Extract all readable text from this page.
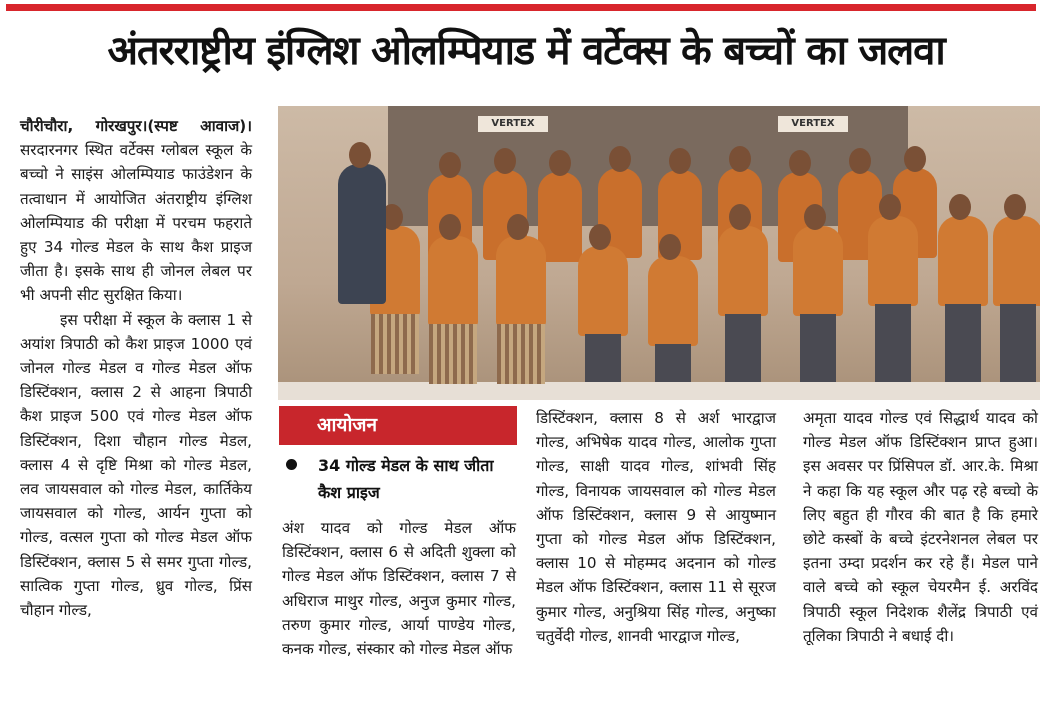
अंतरराष्ट्रीय इंग्लिश ओलम्पियाड में वर्टेक्स के बच्चों का जलवा

चौरीचौरा, गोरखपुर।(स्पष्ट आवाज)। सरदारनगर स्थित वर्टेक्स ग्लोबल स्कूल के बच्चो ने साइंस ओलम्पियाड फाउंडेशन के तत्वाधान में आयोजित अंतराष्ट्रीय इंग्लिश ओलम्पियाड की परीक्षा में परचम फहराते हुए 34 गोल्ड मेडल के साथ कैश प्राइज जीता है। इसके साथ ही जोनल लेबल पर भी अपनी सीट सुरक्षित किया।

इस परीक्षा में स्कूल के क्लास 1 से अयांश त्रिपाठी को कैश प्राइज 1000 एवं जोनल गोल्ड मेडल व गोल्ड मेडल ऑफ डिस्टिंक्शन, क्लास 2 से आहना त्रिपाठी कैश प्राइज 500 एवं गोल्ड मेडल ऑफ डिस्टिंक्शन, दिशा चौहान गोल्ड मेडल, क्लास 4 से दृष्टि मिश्रा को गोल्ड मेडल, लव जायसवाल को गोल्ड मेडल, कार्तिकेय जायसवाल को गोल्ड, आर्यन गुप्ता को गोल्ड, वत्सल गुप्ता को गोल्ड मेडल ऑफ डिस्टिंक्शन, क्लास 5 से समर गुप्ता गोल्ड, सात्विक गुप्ता गोल्ड, ध्रुव गोल्ड, प्रिंस चौहान गोल्ड,

VERTEX	VERTEX
आयोजन
34 गोल्ड मेडल के साथ जीता कैश प्राइज
अंश यादव को गोल्ड मेडल ऑफ डिस्टिंक्शन, क्लास 6 से अदिती शुक्ला को गोल्ड मेडल ऑफ डिस्टिंक्शन, क्लास 7 से अधिराज माथुर गोल्ड, अनुज कुमार गोल्ड, तरुण कुमार गोल्ड, आर्या पाण्डेय गोल्ड, कनक गोल्ड, संस्कार को गोल्ड मेडल ऑफ
डिस्टिंक्शन, क्लास 8 से अर्श भारद्वाज गोल्ड, अभिषेक यादव गोल्ड, आलोक गुप्ता गोल्ड, साक्षी यादव गोल्ड, शांभवी सिंह गोल्ड, विनायक जायसवाल को गोल्ड मेडल ऑफ डिस्टिंक्शन, क्लास 9 से आयुष्मान गुप्ता को गोल्ड मेडल ऑफ डिस्टिंक्शन, क्लास 10 से मोहम्मद अदनान को गोल्ड मेडल ऑफ डिस्टिंक्शन, क्लास 11 से सूरज कुमार गोल्ड, अनुश्रिया सिंह गोल्ड, अनुष्का चतुर्वेदी गोल्ड, शानवी भारद्वाज गोल्ड,
अमृता यादव गोल्ड एवं सिद्धार्थ यादव को गोल्ड मेडल ऑफ डिस्टिंक्शन प्राप्त हुआ। इस अवसर पर प्रिंसिपल डॉ. आर.के. मिश्रा ने कहा कि यह स्कूल और पढ़ रहे बच्चो के लिए बहुत ही गौरव की बात है कि हमारे छोटे कस्बों के बच्चे इंटरनेशनल लेबल पर इतना उम्दा प्रदर्शन कर रहे हैं। मेडल पाने वाले बच्चे को स्कूल चेयरमैन ई. अरविंद त्रिपाठी स्कूल निदेशक शैलेंद्र त्रिपाठी एवं तूलिका त्रिपाठी ने बधाई दी।
